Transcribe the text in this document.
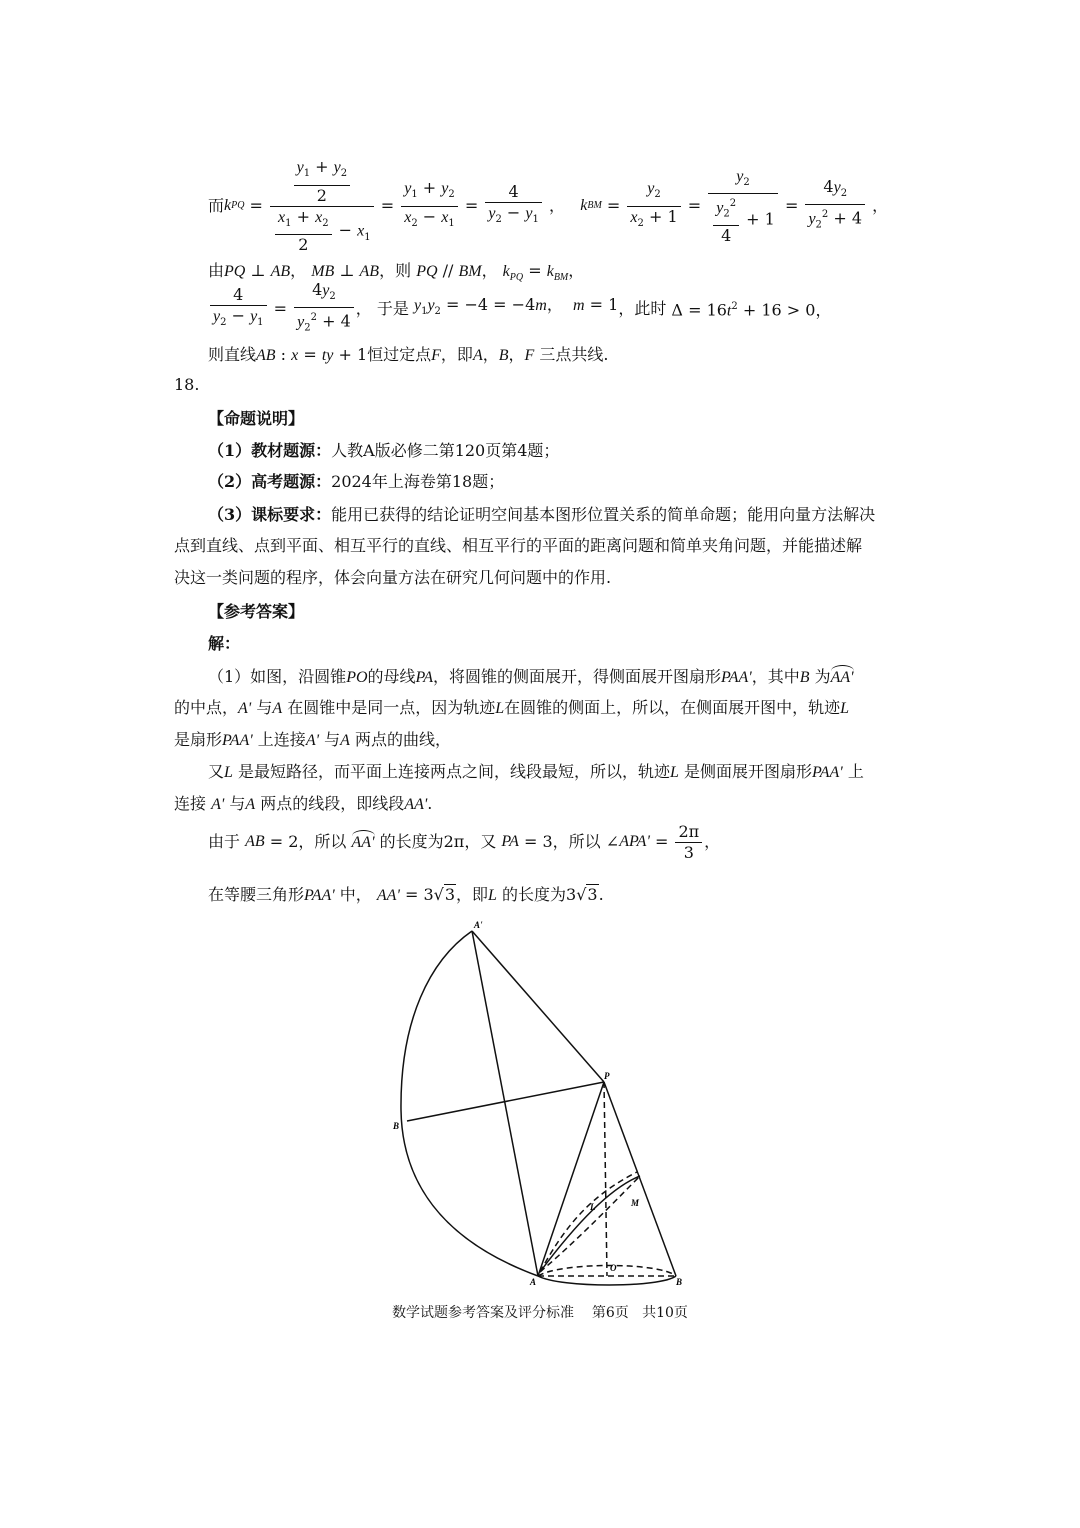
而 k PQ = $\frac{\frac{y_1 + y_2}{2}}{\frac{x_1 + x_2}{2} - x_1} = \frac{y_1 + y_2}{x_2 - x_1} = \frac{4}{y_2 - y_1}$ ， k BM = $\frac{y_2}{x_2 + 1} = \frac{y_2}{\frac{y_2^2}{4} + 1} = \frac{4y_2}{y_2^2 + 4}$ ，
由PQ ⊥ AB， MB ⊥ AB，则 PQ // BM， $k_{PQ} = k_{BM}$，
$\frac{4}{y_2 - y_1} = \frac{4y_2}{y_2^2 + 4}$ ， 于是 $y_1y_2 = -4 = -4m$，  m = 1 ，此时 $\Delta = 16t^2 + 16 > 0$，
则直线AB : x = ty + 1恒过定点F，即A，B，F 三点共线.
18.
【命题说明】
（1）教材题源：人教A版必修二第120页第4题；
（2）高考题源：2024年上海卷第18题；
（3）课标要求：能用已获得的结论证明空间基本图形位置关系的简单命题；能用向量方法解决
点到直线、点到平面、相互平行的直线、相互平行的平面的距离问题和简单夹角问题，并能描述解
决这一类问题的程序，体会向量方法在研究几何问题中的作用.
【参考答案】
解：
（1）如图，沿圆锥PO的母线PA，将圆锥的侧面展开，得侧面展开图扇形PAA'，其中B 为AA'
的中点，A' 与A 在圆锥中是同一点，因为轨迹L在圆锥的侧面上，所以，在侧面展开图中，轨迹L
是扇形PAA' 上连接A' 与A 两点的曲线，
又L 是最短路径，而平面上连接两点之间，线段最短，所以，轨迹L 是侧面展开图扇形PAA' 上
连接 A' 与A 两点的线段，即线段AA'.
由于
AB = 2 ，所以
AA'
的长度为 2π ，又
PA = 3 ，所以 ∠ $APA' = \frac{2\pi}{3}$ ，
在等腰三角形PAA' 中， AA' = 3√3，即L 的长度为3√3.
A'
P
B
L	M
O
A	B
数学试题参考答案及评分标准    第6页   共10页
